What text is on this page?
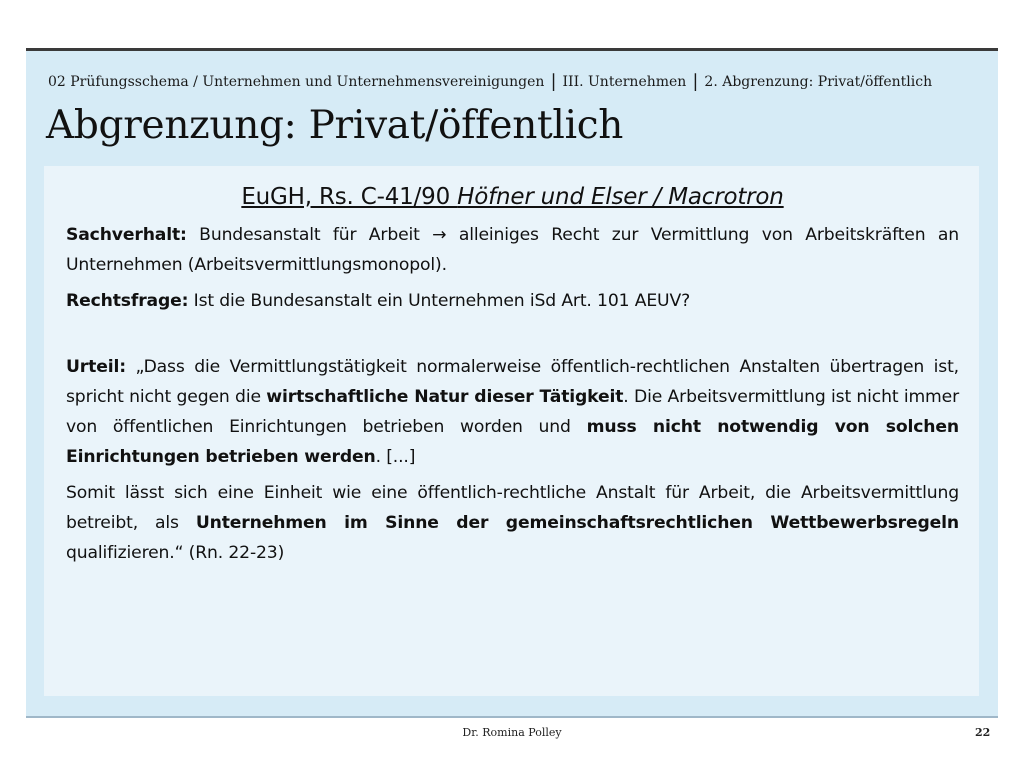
02 Prüfungsschema / Unternehmen und Unternehmensvereinigungen | III. Unternehmen | 2. Abgrenzung: Privat/öffentlich
Abgrenzung: Privat/öffentlich
EuGH, Rs. C-41/90 Höfner und Elser / Macrotron

Sachverhalt: Bundesanstalt für Arbeit → alleiniges Recht zur Vermittlung von Arbeitskräften an Unternehmen (Arbeitsvermittlungsmonopol).

Rechtsfrage: Ist die Bundesanstalt ein Unternehmen iSd Art. 101 AEUV?

Urteil: „Dass die Vermittlungstätigkeit normalerweise öffentlich-rechtlichen Anstalten übertragen ist, spricht nicht gegen die wirtschaftliche Natur dieser Tätigkeit. Die Arbeitsvermittlung ist nicht immer von öffentlichen Einrichtungen betrieben worden und muss nicht notwendig von solchen Einrichtungen betrieben werden. [...]

Somit lässt sich eine Einheit wie eine öffentlich-rechtliche Anstalt für Arbeit, die Arbeitsvermittlung betreibt, als Unternehmen im Sinne der gemeinschaftsrechtlichen Wettbewerbsregeln qualifizieren.“ (Rn. 22-23)

Dr. Romina Polley	22
